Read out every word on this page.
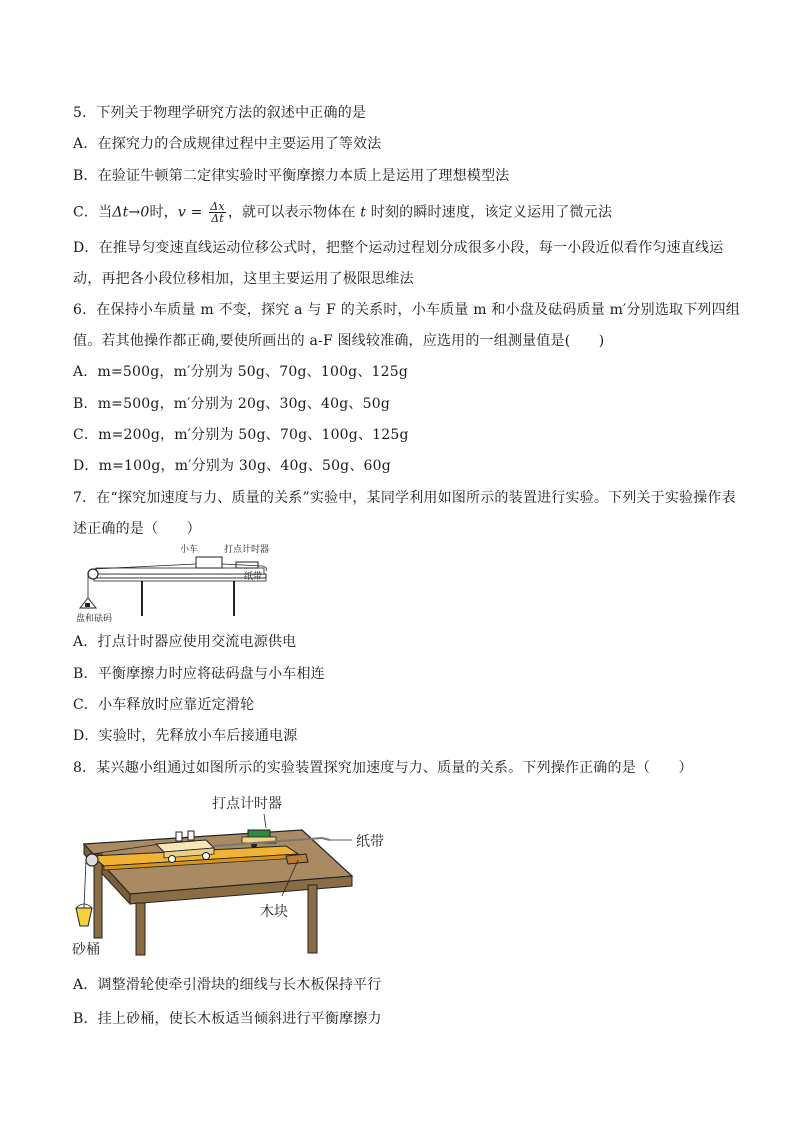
5．下列关于物理学研究方法的叙述中正确的是
A．在探究力的合成规律过程中主要运用了等效法
B．在验证牛顿第二定律实验时平衡摩擦力本质上是运用了理想模型法
C．当Δt→0时，$v = \frac{\Delta x}{\Delta t}$ ，就可以表示物体在 t 时刻的瞬时速度，该定义运用了微元法
D．在推导匀变速直线运动位移公式时，把整个运动过程划分成很多小段，每一小段近似看作匀速直线运
动，再把各小段位移相加，这里主要运用了极限思维法
6．在保持小车质量 m 不变，探究 a 与 F 的关系时，小车质量 m 和小盘及砝码质量 m′分别选取下列四组
值。若其他操作都正确,要使所画出的 a-F 图线较准确，应选用的一组测量值是(　　)
A．m=500g，m′分别为 50g、70g、100g、125g
B．m=500g，m′分别为 20g、30g、40g、50g
C．m=200g，m′分别为 50g、70g、100g、125g
D．m=100g，m′分别为 30g、40g、50g、60g
7．在“探究加速度与力、质量的关系”实验中，某同学利用如图所示的装置进行实验。下列关于实验操作表
述正确的是（　　）
小车	打点计时器
纸带
盘和砝码
A．打点计时器应使用交流电源供电
B．平衡摩擦力时应将砝码盘与小车相连
C．小车释放时应靠近定滑轮
D．实验时，先释放小车后接通电源
8．某兴趣小组通过如图所示的实验装置探究加速度与力、质量的关系。下列操作正确的是（　　）
打点计时器
纸带
木块
砂桶
A．调整滑轮使牵引滑块的细线与长木板保持平行
B．挂上砂桶，使长木板适当倾斜进行平衡摩擦力
